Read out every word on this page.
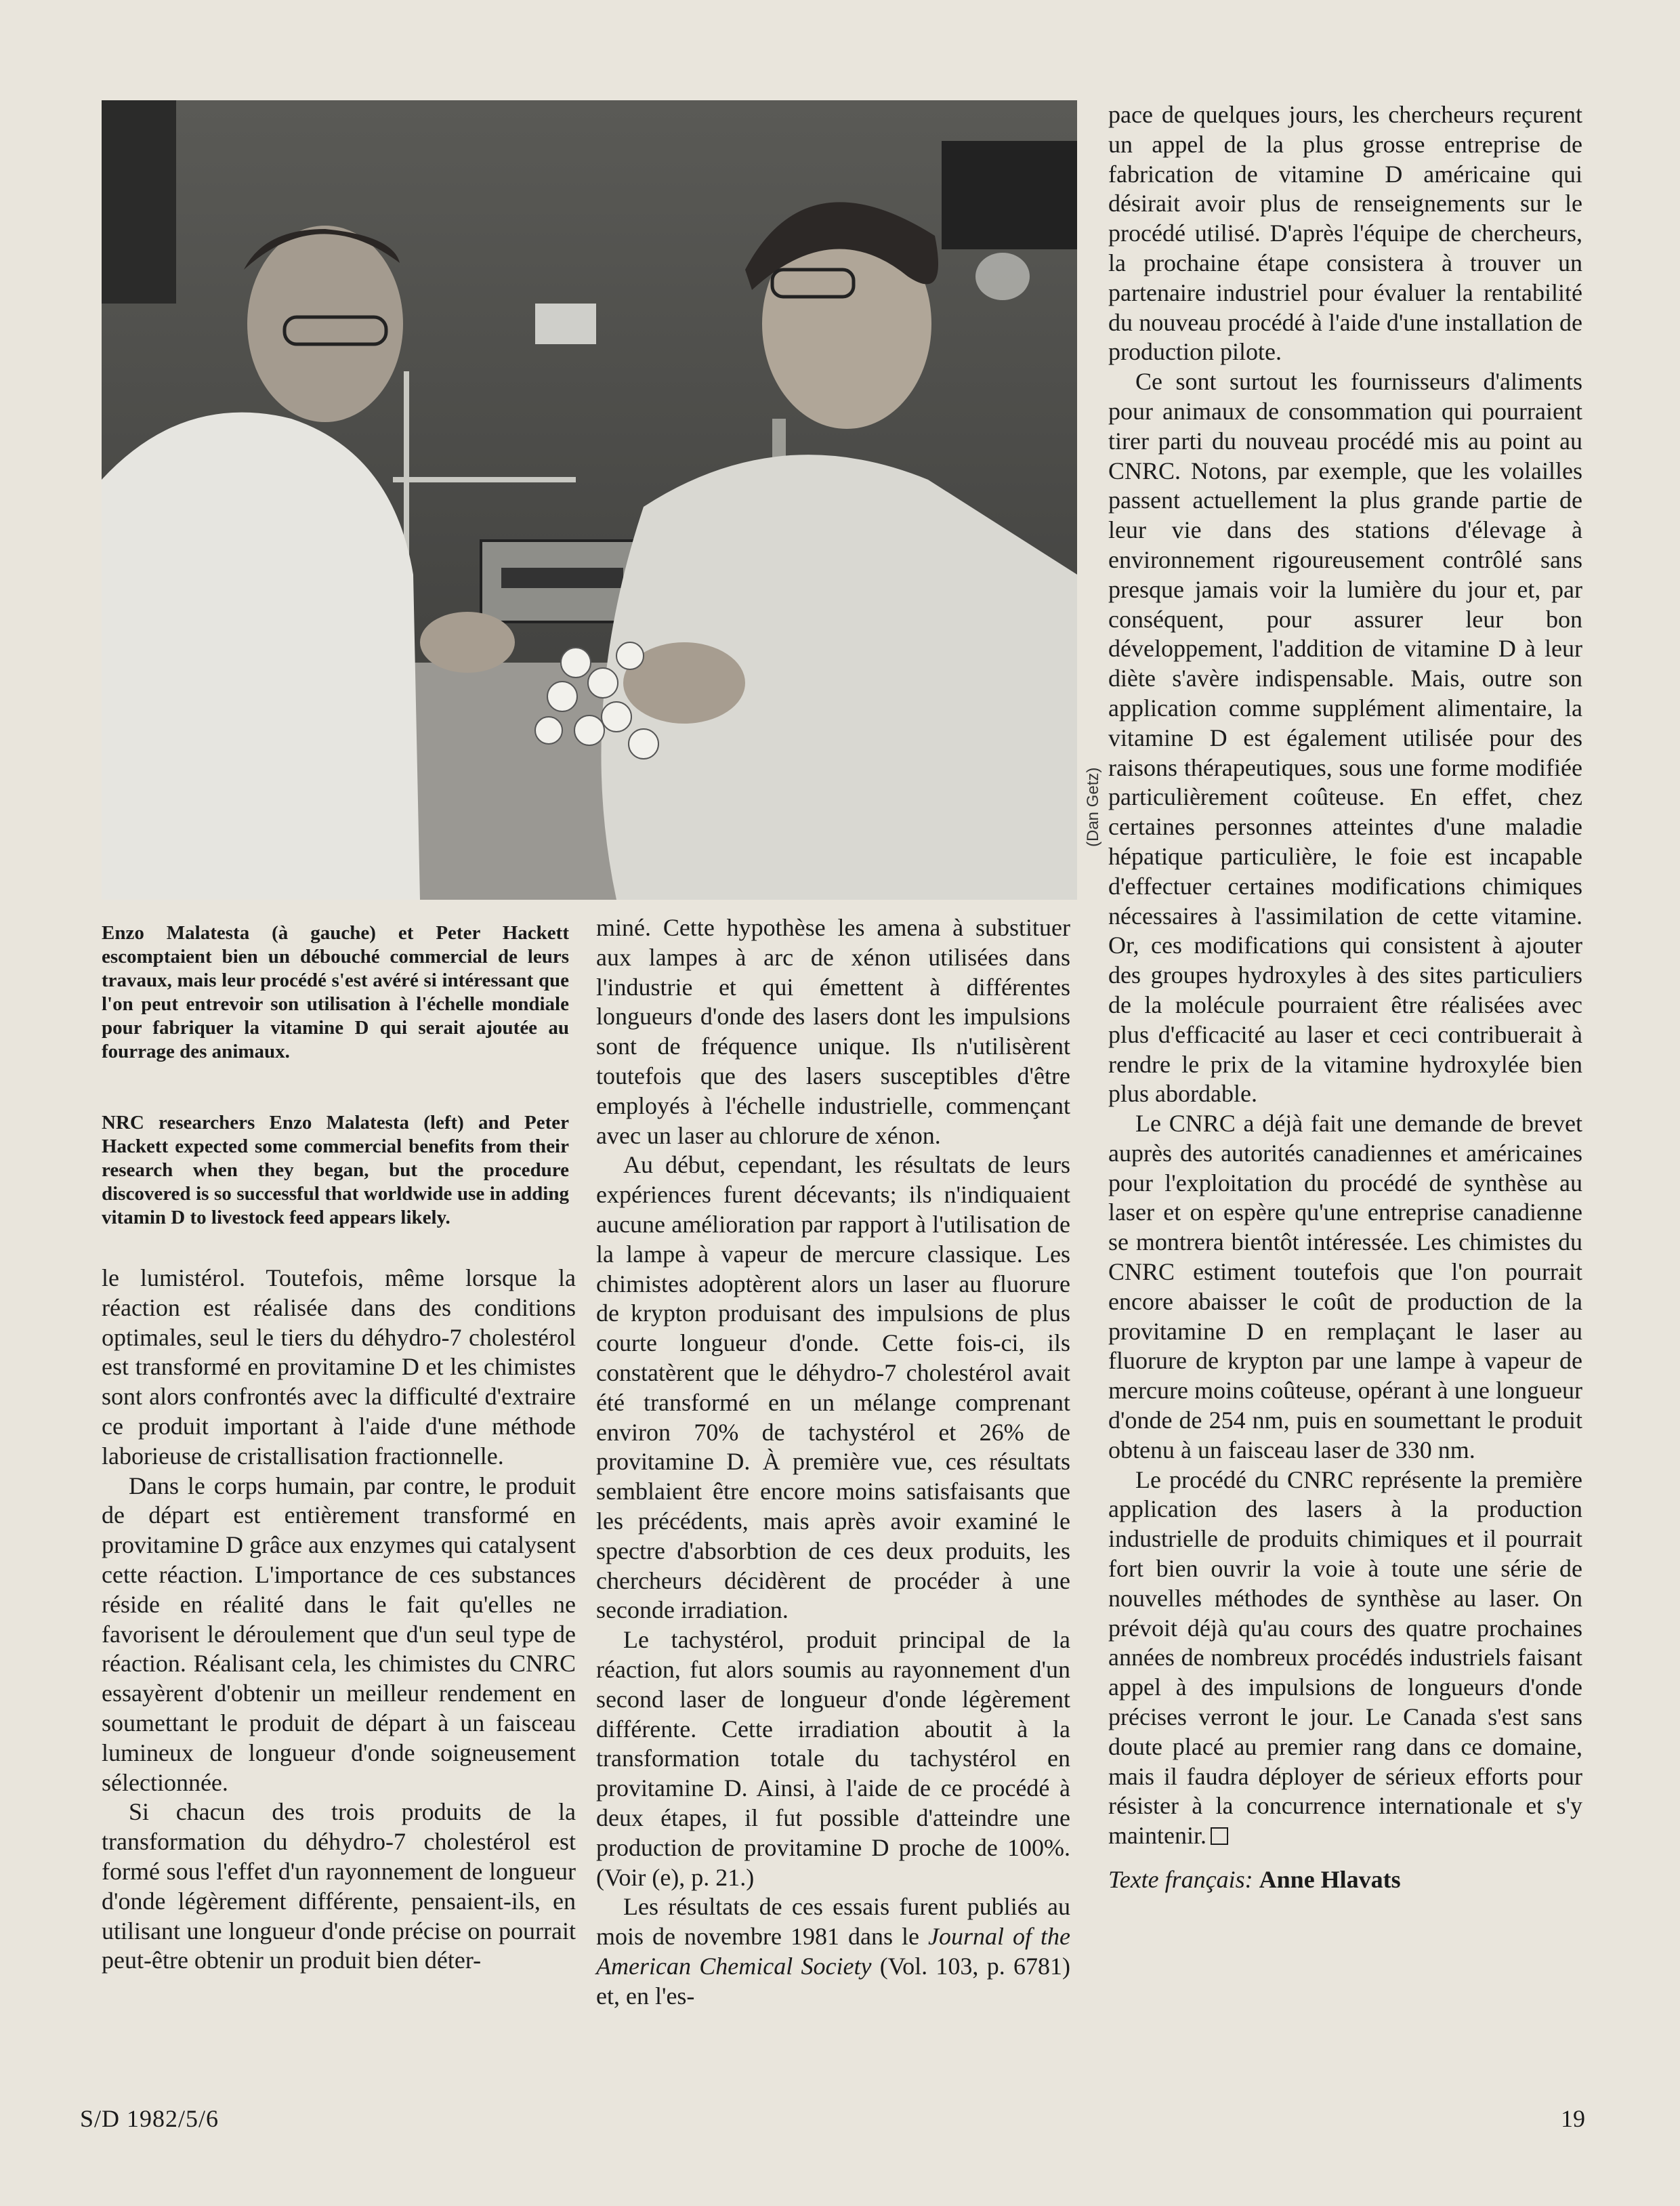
(Dan Getz)

Enzo Malatesta (à gauche) et Peter Hackett escomptaient bien un débouché commercial de leurs travaux, mais leur procédé s'est avéré si intéressant que l'on peut entrevoir son utilisation à l'échelle mondiale pour fabriquer la vitamine D qui serait ajoutée au fourrage des animaux.

NRC researchers Enzo Malatesta (left) and Peter Hackett expected some commercial benefits from their research when they began, but the procedure discovered is so successful that worldwide use in adding vitamin D to livestock feed appears likely.

le lumistérol. Toutefois, même lorsque la réaction est réalisée dans des conditions optimales, seul le tiers du déhydro-7 cholestérol est transformé en provitamine D et les chimistes sont alors confrontés avec la difficulté d'extraire ce produit important à l'aide d'une méthode laborieuse de cristallisation fractionnelle.

Dans le corps humain, par contre, le produit de départ est entièrement transformé en provitamine D grâce aux enzymes qui catalysent cette réaction. L'importance de ces substances réside en réalité dans le fait qu'elles ne favorisent le déroulement que d'un seul type de réaction. Réalisant cela, les chimistes du CNRC essayèrent d'obtenir un meilleur rendement en soumettant le produit de départ à un faisceau lumineux de longueur d'onde soigneusement sélectionnée.

Si chacun des trois produits de la transformation du déhydro-7 cholestérol est formé sous l'effet d'un rayonnement de longueur d'onde légèrement différente, pensaient-ils, en utilisant une longueur d'onde précise on pourrait peut-être obtenir un produit bien déter-

miné. Cette hypothèse les amena à substituer aux lampes à arc de xénon utilisées dans l'industrie et qui émettent à différentes longueurs d'onde des lasers dont les impulsions sont de fréquence unique. Ils n'utilisèrent toutefois que des lasers susceptibles d'être employés à l'échelle industrielle, commençant avec un laser au chlorure de xénon.

Au début, cependant, les résultats de leurs expériences furent décevants; ils n'indiquaient aucune amélioration par rapport à l'utilisation de la lampe à vapeur de mercure classique. Les chimistes adoptèrent alors un laser au fluorure de krypton produisant des impulsions de plus courte longueur d'onde. Cette fois-ci, ils constatèrent que le déhydro-7 cholestérol avait été transformé en un mélange comprenant environ 70% de tachystérol et 26% de provitamine D. À première vue, ces résultats semblaient être encore moins satisfaisants que les précédents, mais après avoir examiné le spectre d'absorbtion de ces deux produits, les chercheurs décidèrent de procéder à une seconde irradiation.

Le tachystérol, produit principal de la réaction, fut alors soumis au rayonnement d'un second laser de longueur d'onde légèrement différente. Cette irradiation aboutit à la transformation totale du tachystérol en provitamine D. Ainsi, à l'aide de ce procédé à deux étapes, il fut possible d'atteindre une production de provitamine D proche de 100%. (Voir (e), p. 21.)

Les résultats de ces essais furent publiés au mois de novembre 1981 dans le Journal of the American Chemical Society (Vol. 103, p. 6781) et, en l'es-

pace de quelques jours, les chercheurs reçurent un appel de la plus grosse entreprise de fabrication de vitamine D américaine qui désirait avoir plus de renseignements sur le procédé utilisé. D'après l'équipe de chercheurs, la prochaine étape consistera à trouver un partenaire industriel pour évaluer la rentabilité du nouveau procédé à l'aide d'une installation de production pilote.

Ce sont surtout les fournisseurs d'aliments pour animaux de consommation qui pourraient tirer parti du nouveau procédé mis au point au CNRC. Notons, par exemple, que les volailles passent actuellement la plus grande partie de leur vie dans des stations d'élevage à environnement rigoureusement contrôlé sans presque jamais voir la lumière du jour et, par conséquent, pour assurer leur bon développement, l'addition de vitamine D à leur diète s'avère indispensable. Mais, outre son application comme supplément alimentaire, la vitamine D est également utilisée pour des raisons thérapeutiques, sous une forme modifiée particulièrement coûteuse. En effet, chez certaines personnes atteintes d'une maladie hépatique particulière, le foie est incapable d'effectuer certaines modifications chimiques nécessaires à l'assimilation de cette vitamine. Or, ces modifications qui consistent à ajouter des groupes hydroxyles à des sites particuliers de la molécule pourraient être réalisées avec plus d'efficacité au laser et ceci contribuerait à rendre le prix de la vitamine hydroxylée bien plus abordable.

Le CNRC a déjà fait une demande de brevet auprès des autorités canadiennes et américaines pour l'exploitation du procédé de synthèse au laser et on espère qu'une entreprise canadienne se montrera bientôt intéressée. Les chimistes du CNRC estiment toutefois que l'on pourrait encore abaisser le coût de production de la provitamine D en remplaçant le laser au fluorure de krypton par une lampe à vapeur de mercure moins coûteuse, opérant à une longueur d'onde de 254 nm, puis en soumettant le produit obtenu à un faisceau laser de 330 nm.

Le procédé du CNRC représente la première application des lasers à la production industrielle de produits chimiques et il pourrait fort bien ouvrir la voie à toute une série de nouvelles méthodes de synthèse au laser. On prévoit déjà qu'au cours des quatre prochaines années de nombreux procédés industriels faisant appel à des impulsions de longueurs d'onde précises verront le jour. Le Canada s'est sans doute placé au premier rang dans ce domaine, mais il faudra déployer de sérieux efforts pour résister à la concurrence internationale et s'y maintenir.

Texte français: Anne Hlavats
S/D 1982/5/6	19
